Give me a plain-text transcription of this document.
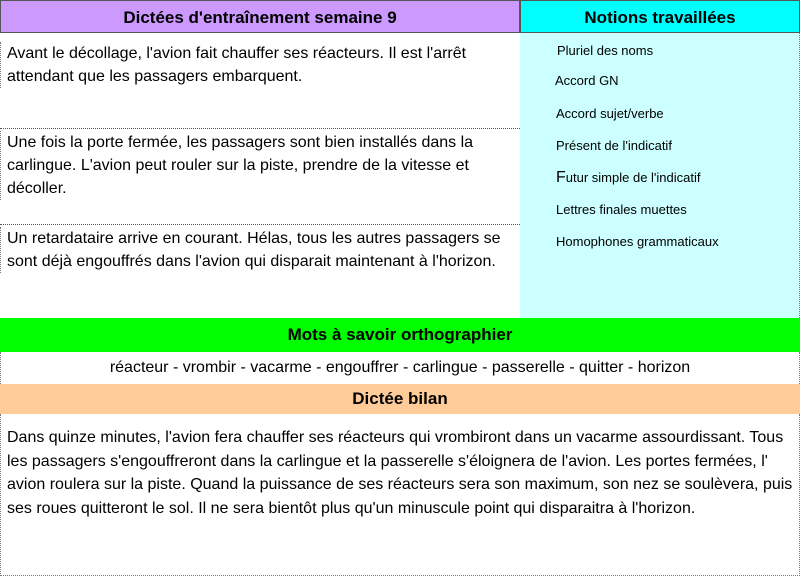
Dictées d'entraînement semaine 9	Notions travaillées
Avant le décollage, l'avion fait chauffer ses réacteurs. Il est l'arrêt attendant que les passagers embarquent.
Une fois la porte fermée, les passagers sont bien installés dans la carlingue. L'avion peut rouler sur la piste, prendre de la vitesse et décoller.
Un retardataire arrive en courant. Hélas, tous les autres passagers se sont déjà engouffrés dans l'avion qui disparait maintenant à l'horizon.
Pluriel des noms
Accord GN
Accord sujet/verbe
Présent de l'indicatif
Futur simple de l'indicatif
Lettres finales muettes
Homophones grammaticaux
Mots à savoir orthographier
réacteur - vrombir - vacarme - engouffrer - carlingue - passerelle - quitter - horizon
Dictée bilan
Dans quinze minutes, l'avion fera chauffer ses réacteurs qui vrombiront dans un vacarme assourdissant. Tous les passagers s'engouffreront dans la carlingue et la passerelle s'éloignera de l'avion. Les portes fermées, l' avion roulera sur la piste. Quand la puissance de ses réacteurs sera son maximum, son nez se soulèvera, puis ses roues quitteront le sol. Il ne sera bientôt plus qu'un minuscule point qui disparaitra à l'horizon.
